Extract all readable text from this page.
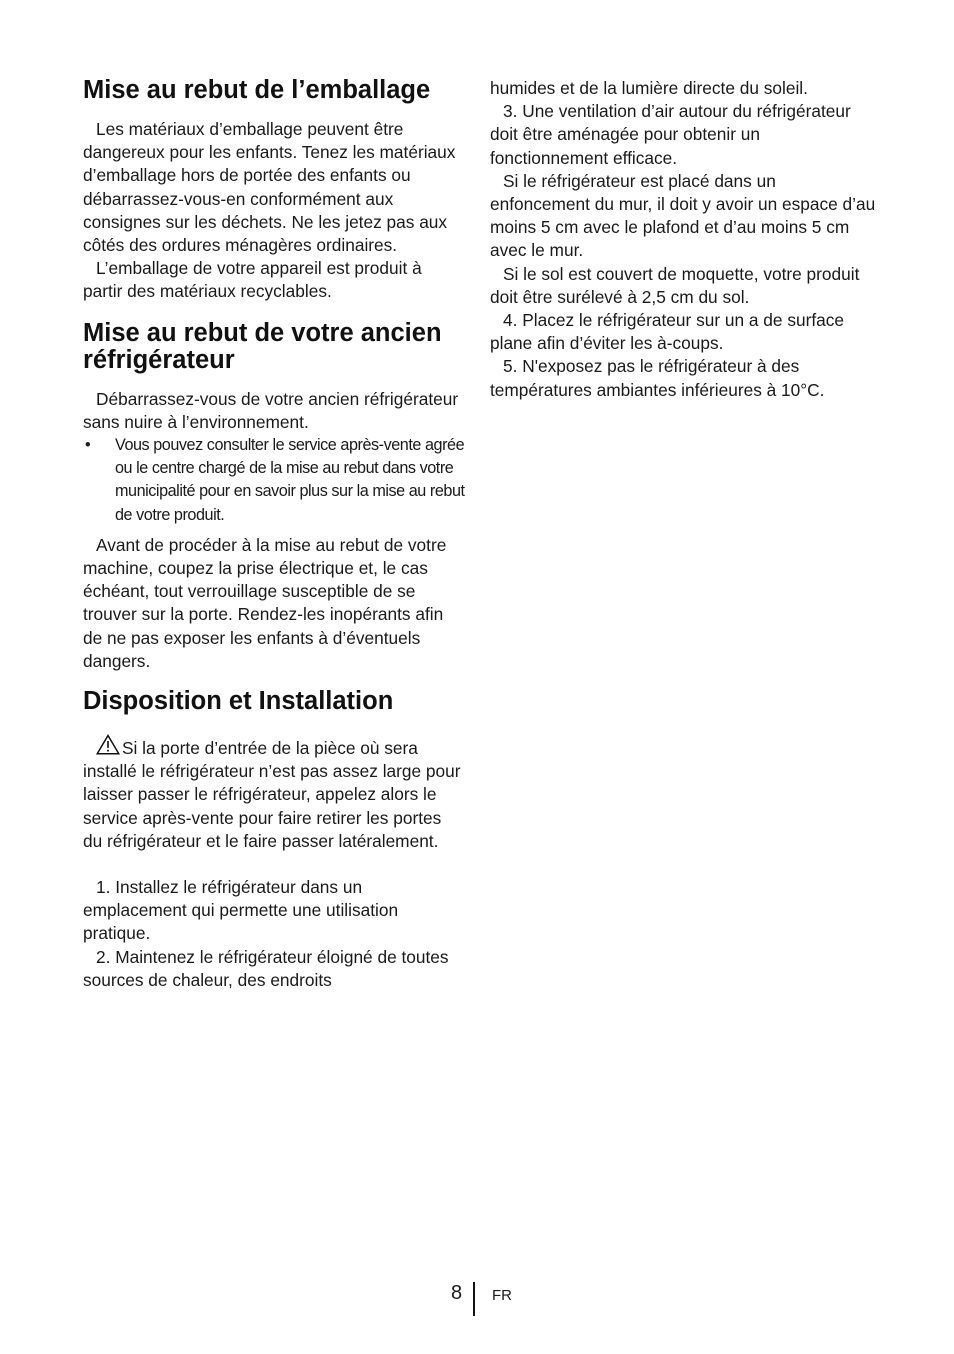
Mise au rebut de l’emballage

Les matériaux d’emballage peuvent être dangereux pour les enfants. Tenez les matériaux d’emballage hors de portée des enfants ou débarrassez-vous-en conformément aux consignes sur les déchets. Ne les jetez pas aux côtés des ordures ménagères ordinaires.

L’emballage de votre appareil est produit à partir des matériaux recyclables.

Mise au rebut de votre ancien réfrigérateur

Débarrassez-vous de votre ancien réfrigérateur sans nuire à l’environnement.

• Vous pouvez consulter le service après-vente agrée ou le centre chargé de la mise au rebut dans votre municipalité pour en savoir plus sur la mise au rebut de votre produit.

Avant de procéder à la mise au rebut de votre machine, coupez la prise électrique et, le cas échéant, tout verrouillage susceptible de se trouver sur la porte. Rendez-les inopérants afin de ne pas exposer les enfants à d’éventuels dangers.

Disposition et Installation

Si la porte d’entrée de la pièce où sera installé le réfrigérateur n’est pas assez large pour laisser passer le réfrigérateur, appelez alors le service après-vente pour faire retirer les portes du réfrigérateur et le faire passer latéralement.

1. Installez le réfrigérateur dans un emplacement qui permette une utilisation pratique.

2. Maintenez le réfrigérateur éloigné de toutes sources de chaleur, des endroits

humides et de la lumière directe du soleil.

3. Une ventilation d’air autour du réfrigérateur doit être aménagée pour obtenir un fonctionnement efficace.

Si le réfrigérateur est placé dans un enfoncement du mur, il doit y avoir un espace d’au moins 5 cm avec le plafond et d’au moins 5 cm avec le mur.

Si le sol est couvert de moquette, votre produit doit être surélevé à 2,5 cm du sol.

4. Placez le réfrigérateur sur un a de surface plane afin d’éviter les à-coups.

5. N'exposez pas le réfrigérateur à des températures ambiantes inférieures à 10°C.

8 FR
